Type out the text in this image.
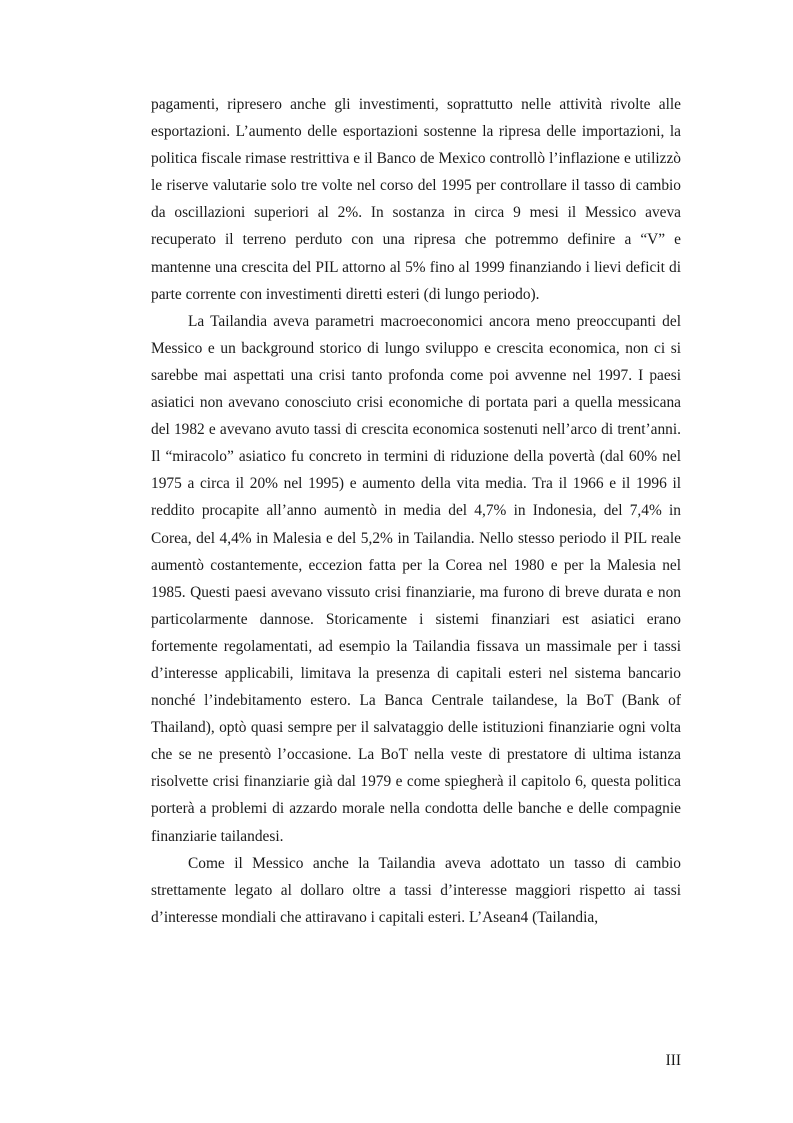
pagamenti, ripresero anche gli investimenti, soprattutto nelle attività rivolte alle esportazioni. L’aumento delle esportazioni sostenne la ripresa delle importazioni, la politica fiscale rimase restrittiva e il Banco de Mexico controllò l’inflazione e utilizzò le riserve valutarie solo tre volte nel corso del 1995 per controllare il tasso di cambio da oscillazioni superiori al 2%. In sostanza in circa 9 mesi il Messico aveva recuperato il terreno perduto con una ripresa che potremmo definire a “V” e mantenne una crescita del PIL attorno al 5% fino al 1999 finanziando i lievi deficit di parte corrente con investimenti diretti esteri (di lungo periodo).

La Tailandia aveva parametri macroeconomici ancora meno preoccupanti del Messico e un background storico di lungo sviluppo e crescita economica, non ci si sarebbe mai aspettati una crisi tanto profonda come poi avvenne nel 1997. I paesi asiatici non avevano conosciuto crisi economiche di portata pari a quella messicana del 1982 e avevano avuto tassi di crescita economica sostenuti nell’arco di trent’anni. Il “miracolo” asiatico fu concreto in termini di riduzione della povertà (dal 60% nel 1975 a circa il 20% nel 1995) e aumento della vita media. Tra il 1966 e il 1996 il reddito procapite all’anno aumentò in media del 4,7% in Indonesia, del 7,4% in Corea, del 4,4% in Malesia e del 5,2% in Tailandia. Nello stesso periodo il PIL reale aumentò costantemente, eccezion fatta per la Corea nel 1980 e per la Malesia nel 1985. Questi paesi avevano vissuto crisi finanziarie, ma furono di breve durata e non particolarmente dannose. Storicamente i sistemi finanziari est asiatici erano fortemente regolamentati, ad esempio la Tailandia fissava un massimale per i tassi d’interesse applicabili, limitava la presenza di capitali esteri nel sistema bancario nonché l’indebitamento estero. La Banca Centrale tailandese, la BoT (Bank of Thailand), optò quasi sempre per il salvataggio delle istituzioni finanziarie ogni volta che se ne presentò l’occasione. La BoT nella veste di prestatore di ultima istanza risolvette crisi finanziarie già dal 1979 e come spiegherà il capitolo 6, questa politica porterà a problemi di azzardo morale nella condotta delle banche e delle compagnie finanziarie tailandesi.

Come il Messico anche la Tailandia aveva adottato un tasso di cambio strettamente legato al dollaro oltre a tassi d’interesse maggiori rispetto ai tassi d’interesse mondiali che attiravano i capitali esteri. L’Asean4 (Tailandia,

III
